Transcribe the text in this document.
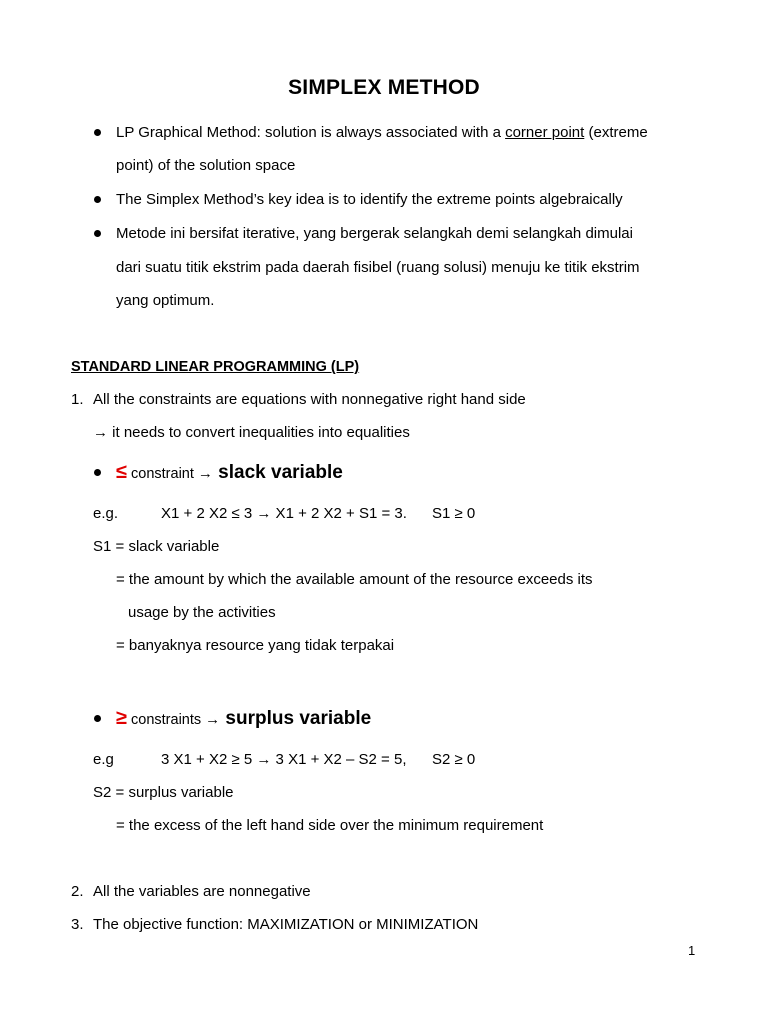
SIMPLEX METHOD
LP Graphical Method: solution is always associated with a corner point (extreme
point) of the solution space
The Simplex Method’s key idea is to identify the extreme points algebraically
Metode ini bersifat iterative, yang bergerak selangkah demi selangkah dimulai
dari suatu titik ekstrim pada daerah fisibel (ruang solusi) menuju ke titik ekstrim
yang optimum.
STANDARD LINEAR PROGRAMMING (LP)
1. All the constraints are equations with nonnegative right hand side
→ it needs to convert inequalities into equalities
≤ constraint → slack variable
e.g.	X1 + 2 X2 ≤ 3 → X1 + 2 X2 + S1 = 3. S1 ≥ 0
S1 = slack variable
= the amount by which the available amount of the resource exceeds its
usage by the activities
= banyaknya resource yang tidak terpakai
≥ constraints → surplus variable
e.g	3 X1 + X2 ≥ 5 → 3 X1 + X2 – S2 = 5, S2 ≥ 0
S2 = surplus variable
= the excess of the left hand side over the minimum requirement
2. All the variables are nonnegative
3. The objective function: MAXIMIZATION or MINIMIZATION
1
